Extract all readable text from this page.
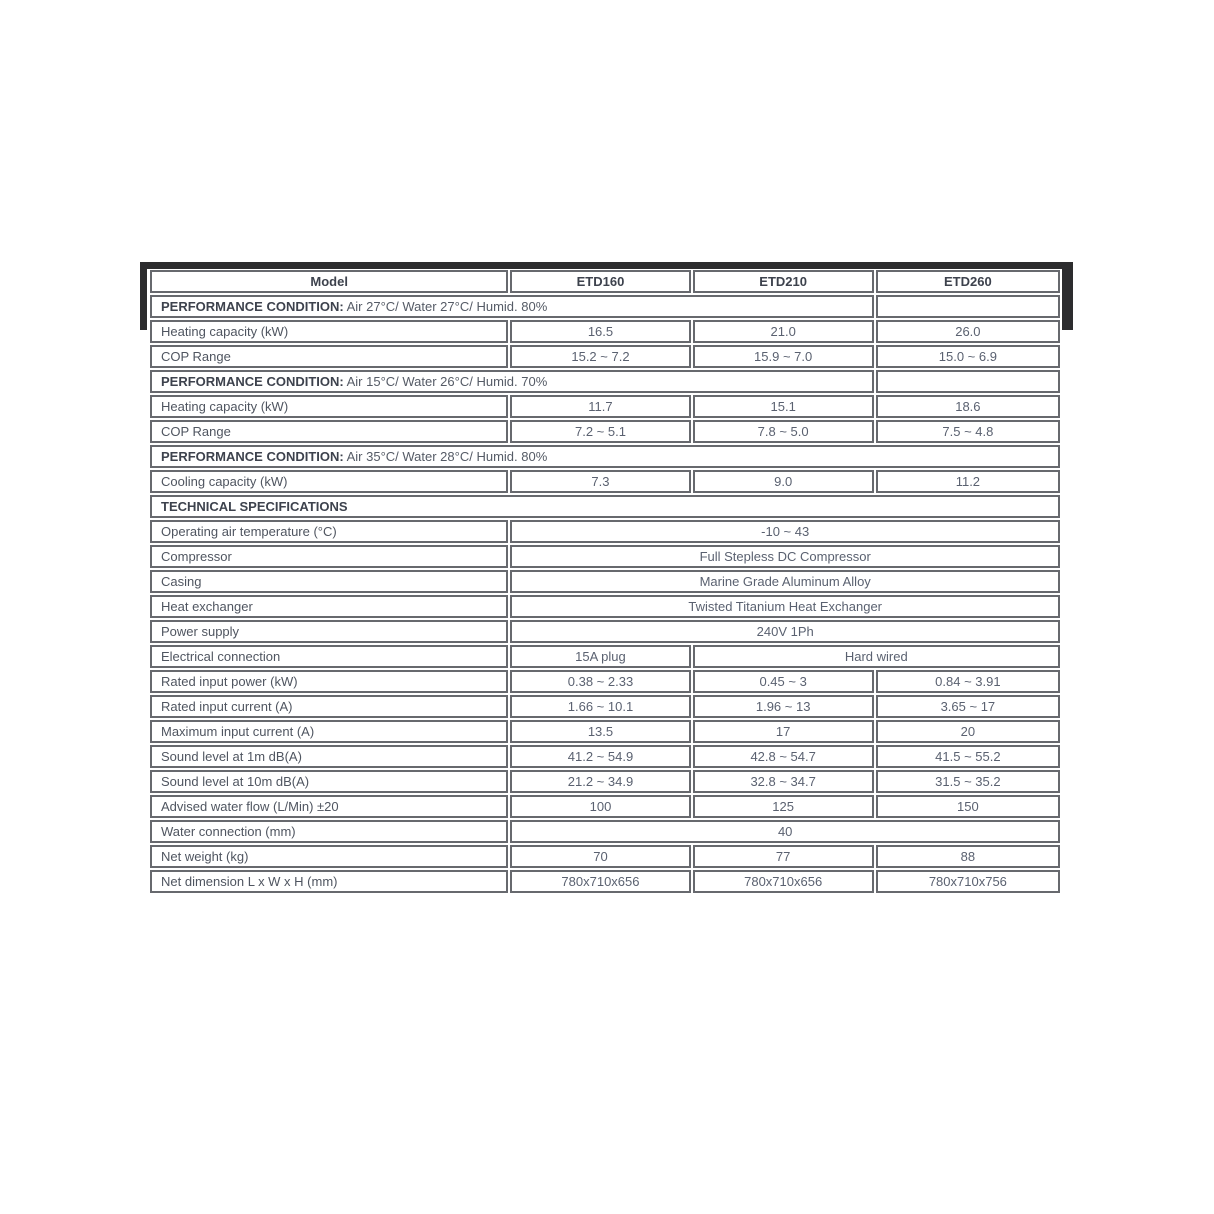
Model	ETD160	ETD210	ETD260
PERFORMANCE CONDITION: Air 27°C/ Water 27°C/ Humid. 80%			
Heating capacity (kW)	16.5	21.0	26.0
COP Range	15.2 ~ 7.2	15.9 ~ 7.0	15.0 ~ 6.9
PERFORMANCE CONDITION: Air 15°C/ Water 26°C/ Humid. 70%			
Heating capacity (kW)	11.7	15.1	18.6
COP Range	7.2 ~ 5.1	7.8 ~ 5.0	7.5 ~ 4.8
PERFORMANCE CONDITION: Air 35°C/ Water 28°C/ Humid. 80%			
Cooling capacity (kW)	7.3	9.0	11.2
TECHNICAL SPECIFICATIONS			
Operating air temperature (°C)	-10 ~ 43		
Compressor	Full Stepless DC Compressor		
Casing	Marine Grade Aluminum Alloy		
Heat exchanger	Twisted Titanium Heat Exchanger		
Power supply	240V 1Ph		
Electrical connection	15A plug	Hard wired	
Rated input power (kW)	0.38 ~ 2.33	0.45 ~ 3	0.84 ~ 3.91
Rated input current (A)	1.66 ~ 10.1	1.96 ~ 13	3.65 ~ 17
Maximum input current (A)	13.5	17	20
Sound level at 1m dB(A)	41.2 ~ 54.9	42.8 ~ 54.7	41.5 ~ 55.2
Sound level at 10m dB(A)	21.2 ~ 34.9	32.8 ~ 34.7	31.5 ~ 35.2
Advised water flow (L/Min) ±20	100	125	150
Water connection (mm)	40		
Net weight (kg)	70	77	88
Net dimension L x W x H (mm)	780x710x656	780x710x656	780x710x756
